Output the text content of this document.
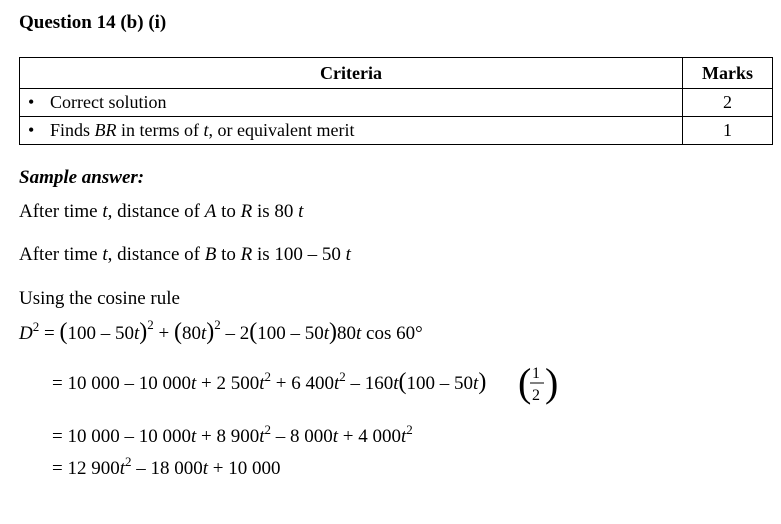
Question 14 (b) (i)
Criteria	Marks
• Correct solution	2
• Finds BR in terms of t, or equivalent merit	1
Sample answer:
After time t, distance of A to R is 80 t
After time t, distance of B to R is 100 – 50 t
Using the cosine rule
$D^2 = (100 - 50t)^2 + (80t)^2 - 2(100 - 50t)80t$ cos 60°
= 10 000 – 10 000t + 2 $500t^2 + 6$ $400t^2 - 160t(100 - 50t)$ ( 1
2 )
= 10 000 – 10 000t + 8 $900t^2 - 8$ 000t + 4 $000t^2$
= 12 $900t^2 - 18$ 000t + 10 000
